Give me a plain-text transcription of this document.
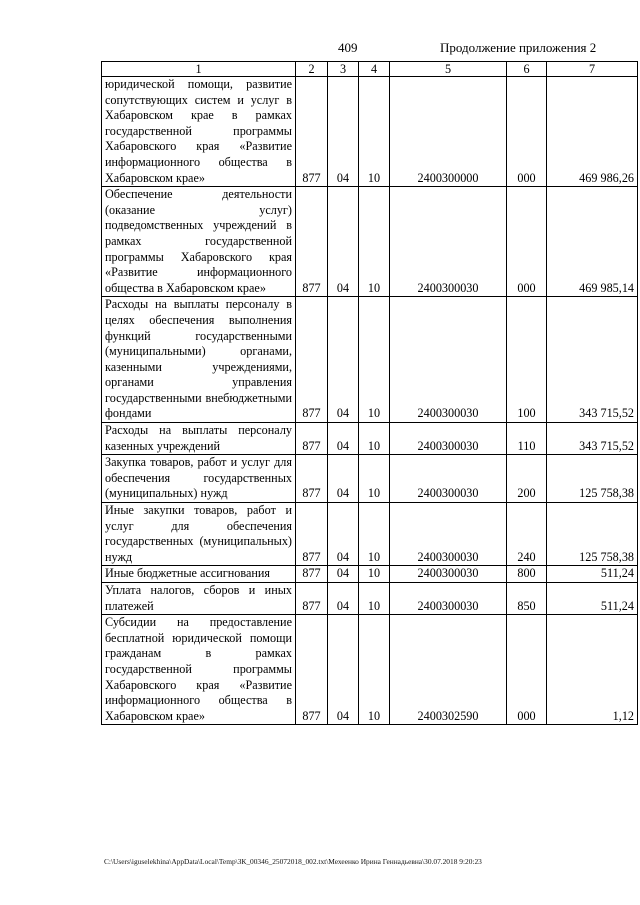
409	Продолжение приложения 2
1	2	3	4	5	6	7

юридической помощи, развитие сопутствующих систем и услуг в Хабаровском крае в рамках государственной программы Хабаровского края «Развитие информационного общества в Хабаровском крае»	877	04	10	2400300000	000	469 986,26

Обеспечение деятельности (оказание услуг) подведомственных учреждений в рамках государственной программы Хабаровского края «Развитие информационного общества в Хабаровском крае»	877	04	10	2400300030	000	469 985,14

Расходы на выплаты персоналу в целях обеспечения выполнения функций государственными (муниципальными) органами, казенными учреждениями, органами управления государственными внебюджетными фондами	877	04	10	2400300030	100	343 715,52

Расходы на выплаты персоналу казенных учреждений	877	04	10	2400300030	110	343 715,52

Закупка товаров, работ и услуг для обеспечения государственных (муниципальных) нужд	877	04	10	2400300030	200	125 758,38

Иные закупки товаров, работ и услуг для обеспечения государственных (муниципальных) нужд	877	04	10	2400300030	240	125 758,38

Иные бюджетные ассигнования	877	04	10	2400300030	800	511,24

Уплата налогов, сборов и иных платежей	877	04	10	2400300030	850	511,24

Субсидии на предоставление бесплатной юридической помощи гражданам в рамках государственной программы Хабаровского края «Развитие информационного общества в Хабаровском крае»	877	04	10	2400302590	000	1,12
C:\Users\iguselekhina\AppData\Local\Temp\ЗК_00346_25072018_002.txt\Мехеенко Ирина Геннадьевна\30.07.2018 9:20:23
